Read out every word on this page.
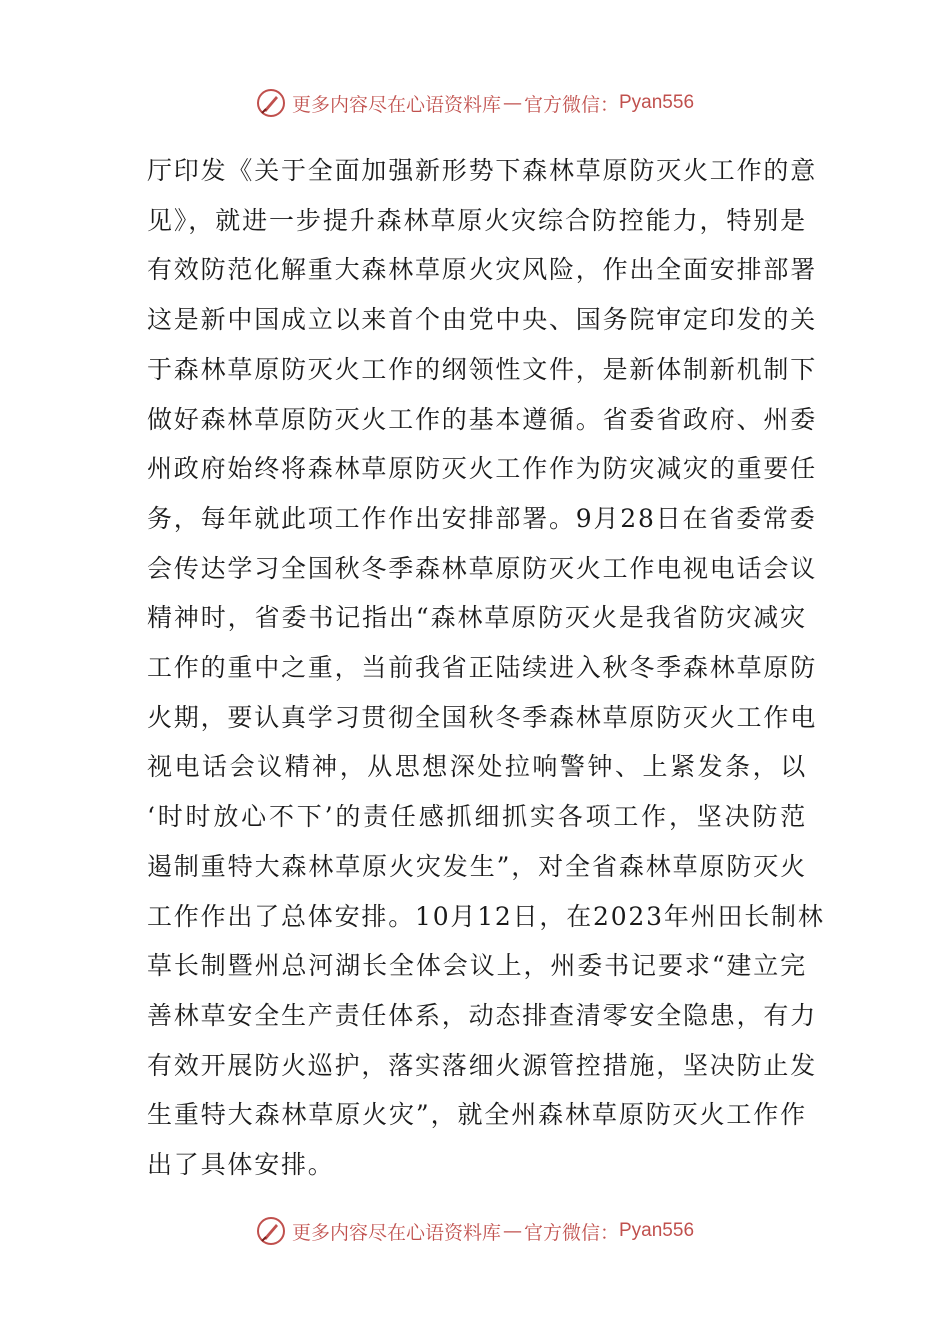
更多内容尽在心语资料库 — 官方微信： Pyan556
厅印发《关于全面加强新形势下森林草原防灭火工作的意
见》，就进一步提升森林草原火灾综合防控能力，特别是
有效防范化解重大森林草原火灾风险，作出全面安排部署
这是新中国成立以来首个由党中央、国务院审定印发的关
于森林草原防灭火工作的纲领性文件，是新体制新机制下
做好森林草原防灭火工作的基本遵循。省委省政府、州委
州政府始终将森林草原防灭火工作作为防灾减灾的重要任
务，每年就此项工作作出安排部署。9月28日在省委常委
会传达学习全国秋冬季森林草原防灭火工作电视电话会议
精神时，省委书记指出“森林草原防灭火是我省防灾减灾
工作的重中之重，当前我省正陆续进入秋冬季森林草原防
火期，要认真学习贯彻全国秋冬季森林草原防灭火工作电
视电话会议精神，从思想深处拉响警钟、上紧发条，以
‘时时放心不下’的责任感抓细抓实各项工作，坚决防范
遏制重特大森林草原火灾发生”，对全省森林草原防灭火
工作作出了总体安排。10月12日，在2023年州田长制林
草长制暨州总河湖长全体会议上，州委书记要求“建立完
善林草安全生产责任体系，动态排查清零安全隐患，有力
有效开展防火巡护，落实落细火源管控措施，坚决防止发
生重特大森林草原火灾”，就全州森林草原防灭火工作作
出了具体安排。
更多内容尽在心语资料库 — 官方微信： Pyan556
